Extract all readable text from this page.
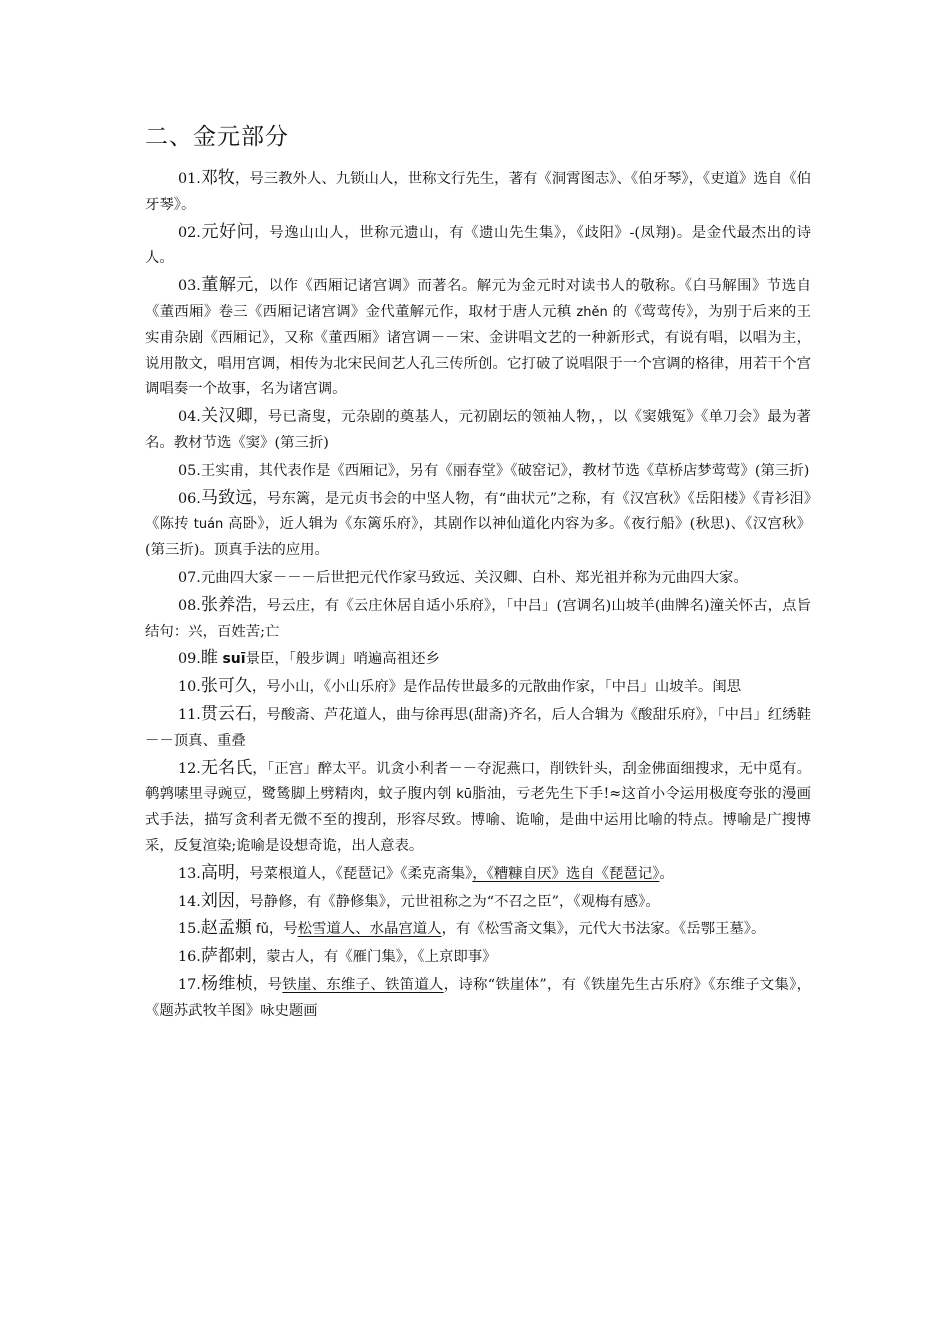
二、金元部分

01.邓牧，号三教外人、九锁山人，世称文行先生，著有《洞霄图志》、《伯牙琴》，《吏道》选自《伯牙琴》。

02.元好问，号逸山山人，世称元遗山，有《遗山先生集》，《歧阳》-(凤翔)。是金代最杰出的诗人。

03.董解元，以作《西厢记诸宫调》而著名。解元为金元时对读书人的敬称。《白马解围》节选自《董西厢》卷三《西厢记诸宫调》金代董解元作，取材于唐人元稹 zhěn 的《莺莺传》，为别于后来的王实甫杂剧《西厢记》，又称《董西厢》诸宫调－－宋、金讲唱文艺的一种新形式，有说有唱，以唱为主，说用散文，唱用宫调，相传为北宋民间艺人孔三传所创。它打破了说唱限于一个宫调的格律，用若干个宫调唱奏一个故事，名为诸宫调。

04.关汉卿，号已斋叟，元杂剧的奠基人，元初剧坛的领袖人物，，以《窦娥冤》《单刀会》最为著名。教材节选《窦》(第三折)

05.王实甫，其代表作是《西厢记》，另有《丽春堂》《破窑记》，教材节选《草桥店梦莺莺》(第三折)

06.马致远，号东篱，是元贞书会的中坚人物，有“曲状元”之称，有《汉宫秋》《岳阳楼》《青衫泪》《陈抟 tuán 高卧》，近人辑为《东篱乐府》，其剧作以神仙道化内容为多。《夜行船》(秋思)、《汉宫秋》(第三折)。顶真手法的应用。

07.元曲四大家－－－后世把元代作家马致远、关汉卿、白朴、郑光祖并称为元曲四大家。

08.张养浩，号云庄，有《云庄休居自适小乐府》，「中吕」(宫调名)山坡羊(曲牌名)潼关怀古，点旨结句：兴，百姓苦;亡

09.睢 suī景臣，「般步调」哨遍高祖还乡

10.张可久，号小山，《小山乐府》是作品传世最多的元散曲作家，「中吕」山坡羊。闺思

11.贯云石，号酸斋、芦花道人，曲与徐再思(甜斋)齐名，后人合辑为《酸甜乐府》，「中吕」红绣鞋－－顶真、重叠

12.无名氏，「正宫」醉太平。讥贪小利者－－夺泥燕口，削铁针头，刮金佛面细搜求，无中觅有。鹌鹑嗉里寻豌豆，鹭鸶脚上劈精肉，蚊子腹内刳 kū脂油，亏老先生下手!≈这首小令运用极度夸张的漫画式手法，描写贪利者无微不至的搜刮，形容尽致。博喻、诡喻，是曲中运用比喻的特点。博喻是广搜博采，反复渲染;诡喻是设想奇诡，出人意表。

13.高明，号菜根道人，《琵琶记》《柔克斋集》，《糟糠自厌》选自《琵琶记》。

14.刘因，号静修，有《静修集》，元世祖称之为“不召之臣”，《观梅有感》。

15.赵孟頫 fǔ，号松雪道人、水晶宫道人，有《松雪斋文集》，元代大书法家。《岳鄂王墓》。

16.萨都剌，蒙古人，有《雁门集》，《上京即事》

17.杨维桢，号铁崖、东维子、铁笛道人，诗称“铁崖体”，有《铁崖先生古乐府》《东维子文集》，《题苏武牧羊图》咏史题画
